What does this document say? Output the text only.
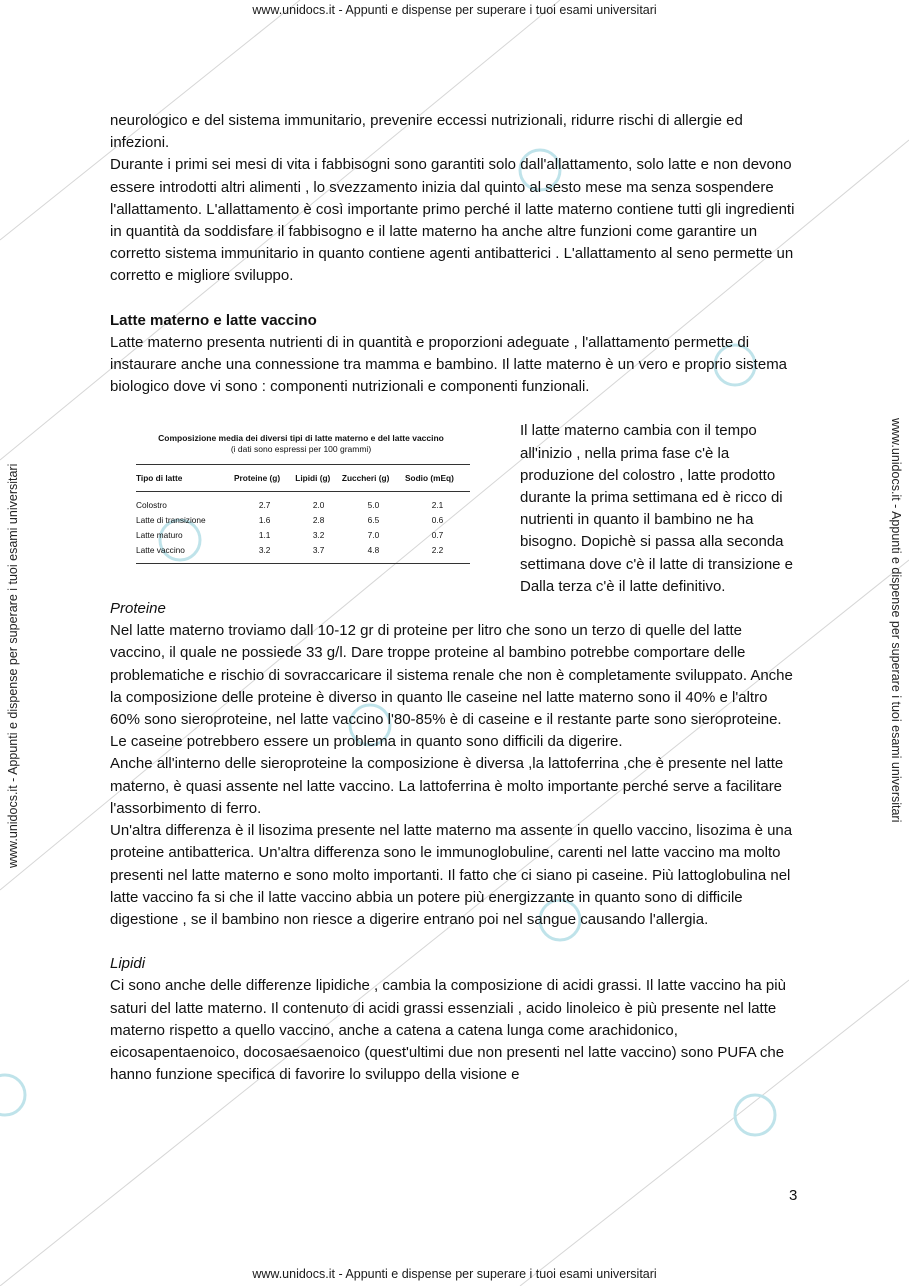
www.unidocs.it - Appunti e dispense per superare i tuoi esami universitari
www.unidocs.it - Appunti e dispense per superare i tuoi esami universitari
www.unidocs.it - Appunti e dispense per superare i tuoi esami universitari	www.unidocs.it - Appunti e dispense per superare i tuoi esami universitari

neurologico e del sistema immunitario, prevenire eccessi nutrizionali, ridurre rischi di allergie ed infezioni.

Durante i primi sei mesi di vita i fabbisogni sono garantiti solo dall'allattamento, solo latte e non devono essere introdotti altri alimenti , lo svezzamento inizia dal quinto al sesto mese ma senza sospendere l'allattamento. L'allattamento è così importante primo perché il latte materno contiene tutti gli ingredienti in quantità da soddisfare il fabbisogno e il latte materno ha anche altre funzioni come garantire un corretto sistema immunitario in quanto contiene agenti antibatterici . L'allattamento al seno permette un corretto e migliore sviluppo.

Latte materno e latte vaccino

Latte materno presenta nutrienti di in quantità e proporzioni adeguate , l'allattamento permette di instaurare anche una connessione tra mamma e bambino. Il latte materno è un vero e proprio sistema biologico dove vi sono : componenti nutrizionali e componenti funzionali.

Composizione media dei diversi tipi di latte materno e del latte vaccino
(i dati sono espressi per 100 grammi)
Tipo di latte	Proteine (g)	Lipidi (g)	Zuccheri (g)	Sodio (mEq)
Colostro	2.7	2.0	5.0	2.1
Latte di transizione	1.6	2.8	6.5	0.6
Latte maturo	1.1	3.2	7.0	0.7
Latte vaccino	3.2	3.7	4.8	2.2

Il latte materno cambia con il tempo all'inizio , nella prima fase c'è la produzione del colostro , latte prodotto durante la prima settimana ed è ricco di nutrienti in quanto il bambino ne ha bisogno. Dopichè si passa alla seconda settimana dove c'è il latte di transizione e Dalla terza c'è il latte definitivo.

Proteine

Nel latte materno troviamo dall 10-12 gr di proteine per litro che sono un terzo di quelle del latte vaccino, il quale ne possiede 33 g/l. Dare troppe proteine al bambino potrebbe comportare delle problematiche e rischio di sovraccaricare il sistema renale che non è completamente sviluppato. Anche la composizione delle proteine è diverso in quanto lle caseine nel latte materno sono il 40% e l'altro 60% sono sieroproteine, nel latte vaccino l'80-85% è di caseine e il restante parte sono sieroproteine. Le caseine potrebbero essere un problema in quanto sono difficili da digerire.

Anche all'interno delle sieroproteine la composizione è diversa ,la lattoferrina ,che è presente nel latte materno, è quasi assente nel latte vaccino. La lattoferrina è molto importante perché serve a facilitare l'assorbimento di ferro.

Un'altra differenza è il lisozima presente nel latte materno ma assente in quello vaccino, lisozima è una proteine antibatterica. Un'altra differenza sono le immunoglobuline, carenti nel latte vaccino ma molto presenti nel latte materno e sono molto importanti. Il fatto che ci siano pi caseine. Più lattoglobulina nel latte vaccino fa si che il latte vaccino abbia un potere più energizzante in quanto sono di difficile digestione , se il bambino non riesce a digerire entrano poi nel sangue causando l'allergia.

Lipidi

Ci sono anche delle differenze lipidiche , cambia la composizione di acidi grassi. Il latte vaccino ha più saturi del latte materno. Il contenuto di acidi grassi essenziali , acido linoleico è più presente nel latte materno rispetto a quello vaccino, anche a catena a catena lunga come arachidonico, eicosapentaenoico, docosaesaenoico (quest'ultimi due non presenti nel latte vaccino) sono PUFA che hanno funzione specifica di favorire lo sviluppo della visione e

3
